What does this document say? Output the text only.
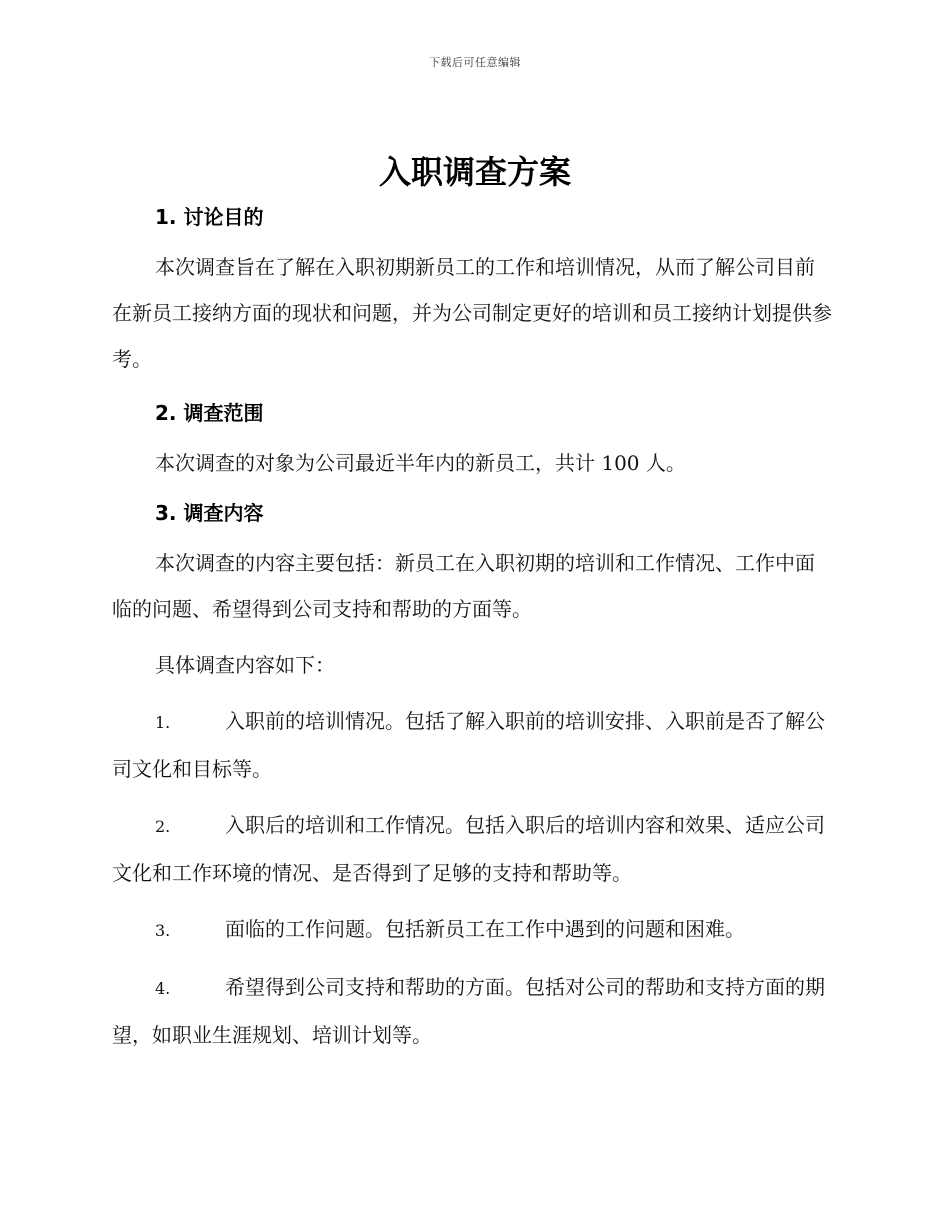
下载后可任意编辑
入职调查方案
1. 讨论目的

本次调查旨在了解在入职初期新员工的工作和培训情况，从而了解公司目前在新员工接纳方面的现状和问题，并为公司制定更好的培训和员工接纳计划提供参考。

2. 调查范围

本次调查的对象为公司最近半年内的新员工，共计 100 人。

3. 调查内容

本次调查的内容主要包括：新员工在入职初期的培训和工作情况、工作中面临的问题、希望得到公司支持和帮助的方面等。

具体调查内容如下：

1.	入职前的培训情况。包括了解入职前的培训安排、入职前是否了解公司文化和目标等。

2.	入职后的培训和工作情况。包括入职后的培训内容和效果、适应公司文化和工作环境的情况、是否得到了足够的支持和帮助等。

3.	面临的工作问题。包括新员工在工作中遇到的问题和困难。

4.	希望得到公司支持和帮助的方面。包括对公司的帮助和支持方面的期望，如职业生涯规划、培训计划等。
